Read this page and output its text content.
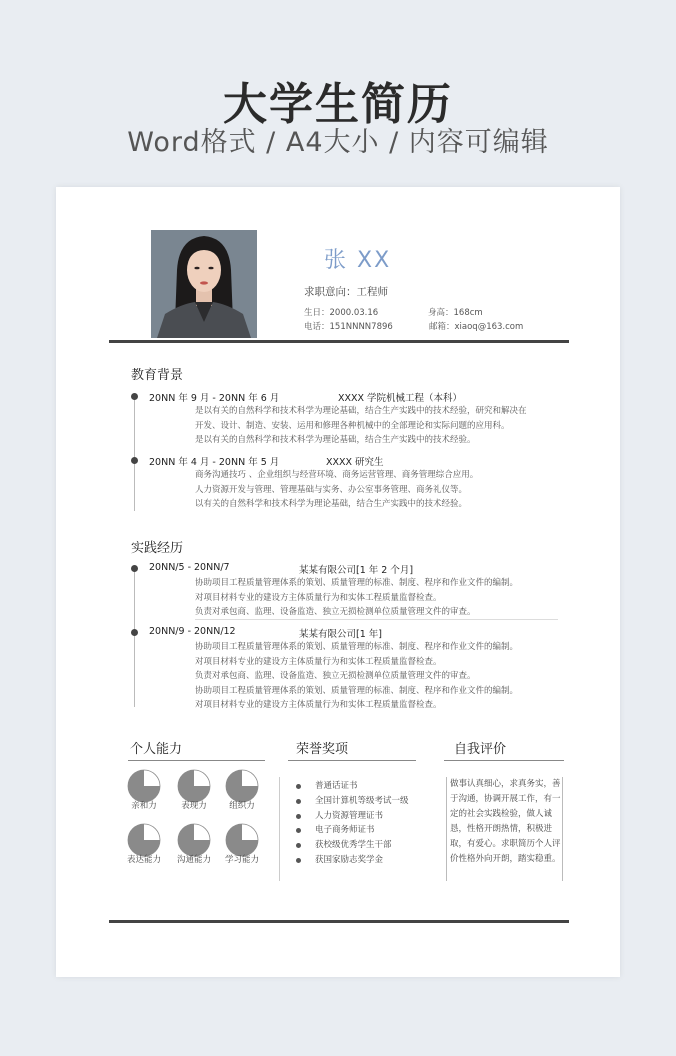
大学生简历
Word格式 / A4大小 / 内容可编辑
张 XX
求职意向：工程师
生日：2000.03.16	身高：168cm
电话：151NNNN7896	邮箱：xiaoq@163.com
教育背景
20NN 年 9 月 - 20NN 年 6 月	XXXX 学院机械工程（本科）
是以有关的自然科学和技术科学为理论基础，结合生产实践中的技术经验，研究和解决在
开发、设计、制造、安装、运用和修理各种机械中的全部理论和实际问题的应用科。
是以有关的自然科学和技术科学为理论基础，结合生产实践中的技术经验。
20NN 年 4 月 - 20NN 年 5 月	XXXX 研究生
商务沟通技巧 、企业组织与经营环境、商务运营管理、商务管理综合应用。
人力资源开发与管理、管理基础与实务、办公室事务管理、商务礼仪等。
以有关的自然科学和技术科学为理论基础，结合生产实践中的技术经验。
实践经历
20NN/5 - 20NN/7	某某有限公司[1 年 2 个月]
协助项目工程质量管理体系的策划、质量管理的标准、制度、程序和作业文件的编制。
对项目材料专业的建设方主体质量行为和实体工程质量监督检查。
负责对承包商、监理、设备监造、独立无损检测单位质量管理文件的审查。
20NN/9 - 20NN/12	某某有限公司[1 年]
协助项目工程质量管理体系的策划、质量管理的标准、制度、程序和作业文件的编制。
对项目材料专业的建设方主体质量行为和实体工程质量监督检查。
负责对承包商、监理、设备监造、独立无损检测单位质量管理文件的审查。
协助项目工程质量管理体系的策划、质量管理的标准、制度、程序和作业文件的编制。
对项目材料专业的建设方主体质量行为和实体工程质量监督检查。
个人能力	荣誉奖项	自我评价
亲和力	表现力	组织力
表达能力	沟通能力	学习能力
普通话证书
全国计算机等级考试一级
人力资源管理证书
电子商务师证书
获校级优秀学生干部
获国家励志奖学金
做事认真细心，求真务实，善于沟通，协调开展工作，有一定的社会实践检验，做人诚恳，性格开朗热情，积极进取，有爱心。求职简历个人评价性格外向开朗，踏实稳重。
